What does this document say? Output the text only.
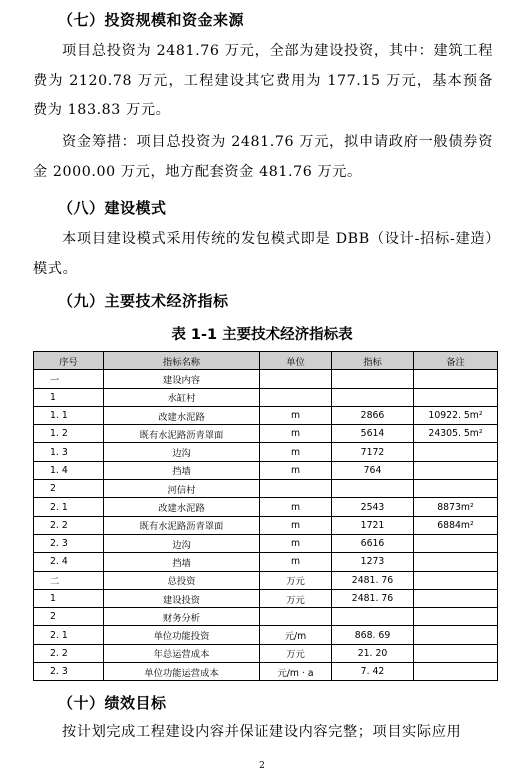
（七）投资规模和资金来源
项目总投资为 2481.76 万元，全部为建设投资，其中：建筑工程费为 2120.78 万元，工程建设其它费用为 177.15 万元，基本预备费为 183.83 万元。
资金筹措：项目总投资为 2481.76 万元，拟申请政府一般债券资金 2000.00 万元，地方配套资金 481.76 万元。
（八）建设模式
本项目建设模式采用传统的发包模式即是 DBB（设计-招标-建造）模式。
（九）主要技术经济指标
表 1-1 主要技术经济指标表
序号	指标名称	单位	指标	备注
一	建设内容			
1	水缸村			
1. 1	改建水泥路	m	2866	10922. 5m²
1. 2	既有水泥路沥青罩面	m	5614	24305. 5m²
1. 3	边沟	m	7172	
1. 4	挡墙	m	764	
2	河信村			
2. 1	改建水泥路	m	2543	8873m²
2. 2	既有水泥路沥青罩面	m	1721	6884m²
2. 3	边沟	m	6616	
2. 4	挡墙	m	1273	
二	总投资	万元	2481. 76	
1	建设投资	万元	2481. 76	
2	财务分析			
2. 1	单位功能投资	元/m	868. 69	
2. 2	年总运营成本	万元	21. 20	
2. 3	单位功能运营成本	元/m · a	7. 42	
（十）绩效目标
按计划完成工程建设内容并保证建设内容完整；项目实际应用
2
